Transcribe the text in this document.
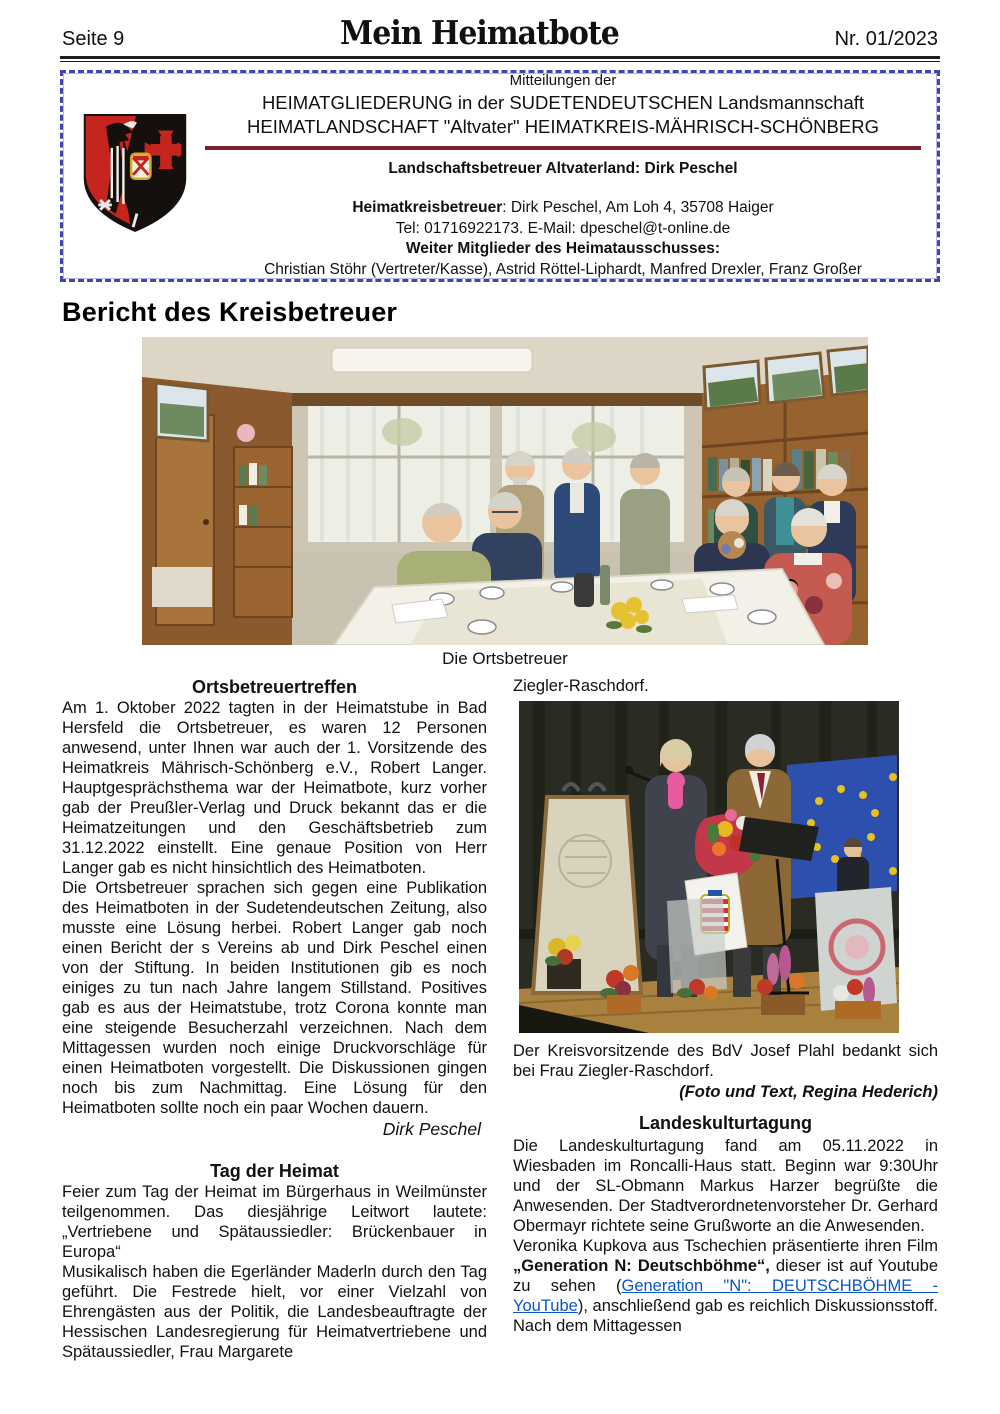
Seite 9	Mein Heimatbote	Nr. 01/2023
Mitteilungen der
HEIMATGLIEDERUNG in der SUDETENDEUTSCHEN Landsmannschaft
HEIMATLANDSCHAFT "Altvater" HEIMATKREIS-MÄHRISCH-SCHÖNBERG
Landschaftsbetreuer Altvaterland: Dirk Peschel
Heimatkreisbetreuer: Dirk Peschel, Am Loh 4, 35708 Haiger
Tel: 01716922173. E-Mail: dpeschel@t-online.de
Weiter Mitglieder des Heimatausschusses:
Christian Stöhr (Vertreter/Kasse), Astrid Röttel-Liphardt, Manfred Drexler, Franz Großer
Bericht des Kreisbetreuer
Die Ortsbetreuer
Ortsbetreuertreffen

Am 1. Oktober 2022 tagten in der Heimatstube in Bad Hersfeld die Ortsbetreuer, es waren 12 Personen anwesend, unter Ihnen war auch der 1. Vorsitzende des Heimatkreis Mährisch-Schönberg e.V., Robert Langer. Hauptgesprächsthema war der Heimatbote, kurz vorher gab der Preußler-Verlag und Druck bekannt das er die Heimatzeitungen und den Geschäftsbetrieb zum 31.12.2022 einstellt. Eine genaue Position von Herr Langer gab es nicht hinsichtlich des Heimatboten.

Die Ortsbetreuer sprachen sich gegen eine Publikation des Heimatboten in der Sudetendeutschen Zeitung, also musste eine Lösung herbei. Robert Langer gab noch einen Bericht der s Vereins ab und Dirk Peschel einen von der Stiftung. In beiden Institutionen gib es noch einiges zu tun nach Jahre langem Stillstand. Positives gab es aus der Heimatstube, trotz Corona konnte man eine steigende Besucherzahl verzeichnen. Nach dem Mittagessen wurden noch einige Druckvorschläge für einen Heimatboten vorgestellt. Die Diskussionen gingen noch bis zum Nachmittag. Eine Lösung für den Heimatboten sollte noch ein paar Wochen dauern.

Dirk Peschel

Tag der Heimat

Feier zum Tag der Heimat im Bürgerhaus in Weilmünster teilgenommen. Das diesjährige Leitwort lautete: „Vertriebene und Spätaussiedler: Brückenbauer in Europa“

Musikalisch haben die Egerländer Maderln durch den Tag geführt. Die Festrede hielt, vor einer Vielzahl von Ehrengästen aus der Politik, die Landesbeauftragte der Hessischen Landesregierung für Heimatvertriebene und Spätaussiedler, Frau Margarete

Ziegler-Raschdorf.

Der Kreisvorsitzende des BdV Josef Plahl bedankt sich bei Frau Ziegler-Raschdorf.

(Foto und Text, Regina Hederich)

Landeskulturtagung

Die Landeskulturtagung fand am 05.11.2022 in Wiesbaden im Roncalli-Haus statt. Beginn war 9:30Uhr und der SL-Obmann Markus Harzer begrüßte die Anwesenden. Der Stadtverordnetenvorsteher Dr. Gerhard Obermayr richtete seine Grußworte an die Anwesenden.

Veronika Kupkova aus Tschechien präsentierte ihren Film „Generation N: Deutschböhme“, dieser ist auf Youtube zu sehen (Generation "N": DEUTSCHBÖHME - YouTube), anschließend gab es reichlich Diskussionsstoff. Nach dem Mittagessen
